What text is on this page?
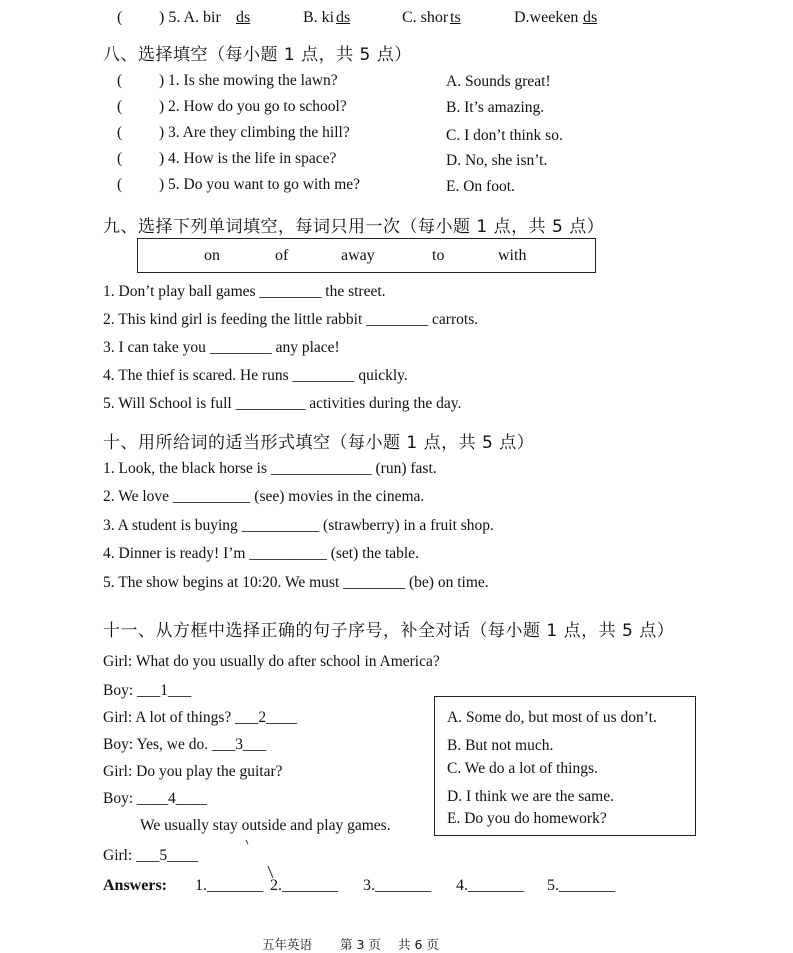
( ) 5. A. bir ds	B. ki ds	C. shor ts	D.weeken ds
八、选择填空（每小题 1 点，共 5 点）
( ) 1. Is she mowing the lawn?	A. Sounds great!
( ) 2. How do you go to school?	B. It’s amazing.
( ) 3. Are they climbing the hill?	C. I don’t think so.
( ) 4. How is the life in space?	D. No, she isn’t.
( ) 5. Do you want to go with me?	E. On foot.
九、选择下列单词填空，每词只用一次（每小题 1 点，共 5 点）
on	of	away	to	with
1. Don’t play ball games ________ the street.
2. This kind girl is feeding the little rabbit ________ carrots.
3. I can take you ________ any place!
4. The thief is scared. He runs ________ quickly.
5. Will School is full _________ activities during the day.
十、用所给词的适当形式填空（每小题 1 点，共 5 点）
1. Look, the black horse is _____________ (run) fast.
2. We love __________ (see) movies in the cinema.
3. A student is buying __________ (strawberry) in a fruit shop.
4. Dinner is ready! I’m __________ (set) the table.
5. The show begins at 10:20. We must ________ (be) on time.
十一、从方框中选择正确的句子序号，补全对话（每小题 1 点，共 5 点）
Girl: What do you usually do after school in America?
Boy: ___1___
Girl: A lot of things? ___2____
Boy: Yes, we do. ___3___
Girl: Do you play the guitar?
Boy: ____4____
We usually stay outside and play games.
Girl: ___5____
A. Some do, but most of us don’t.
B. But not much.
C. We do a lot of things.
D. I think we are the same.
E. Do you do homework?
Answers: 1._______ 2._______ 3._______ 4._______ 5._______
五年英语 第 3 页 共 6 页
